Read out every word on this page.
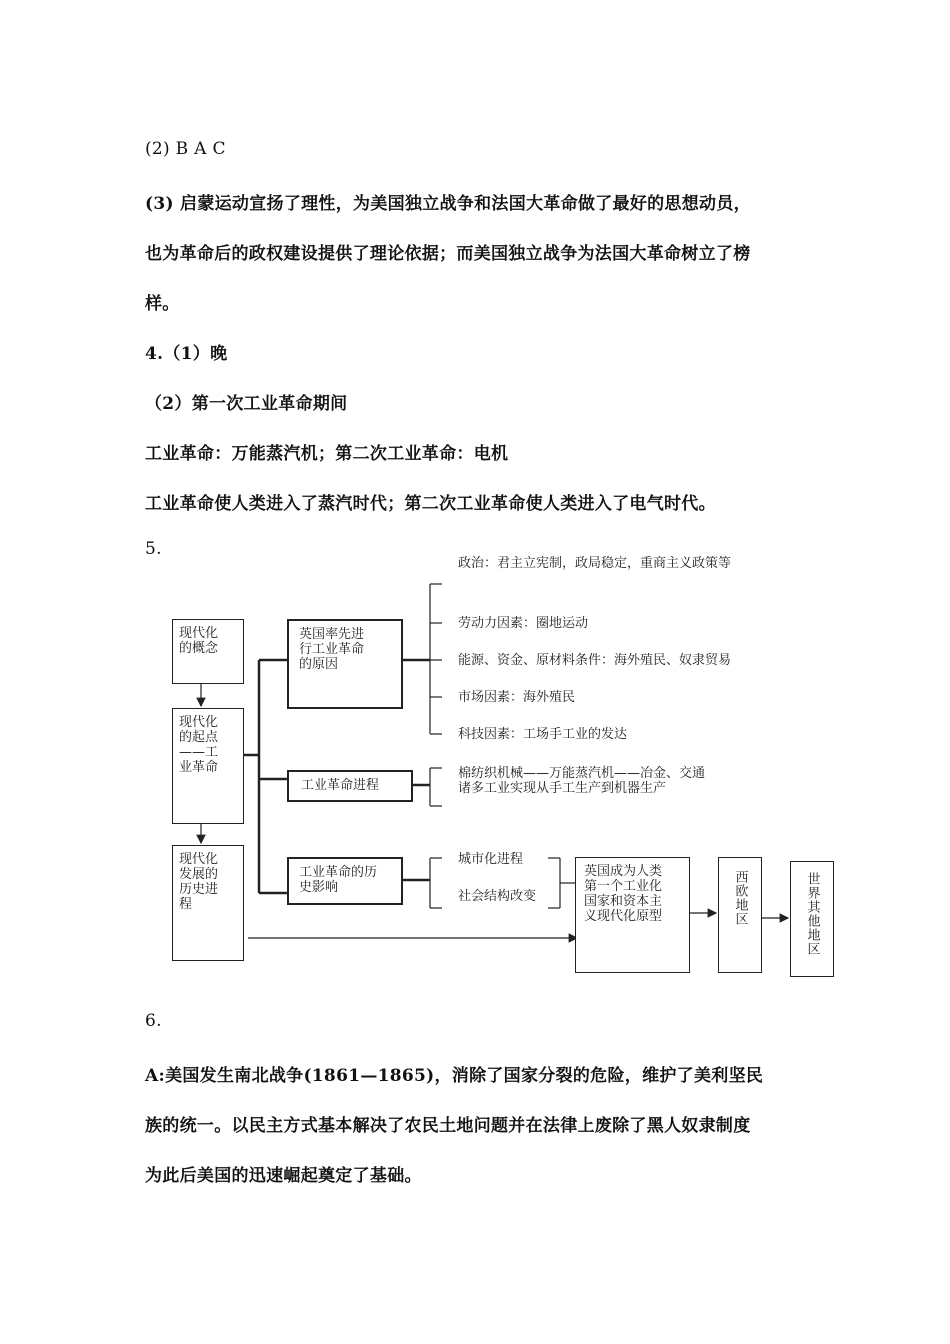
(2) B A C
(3) 启蒙运动宣扬了理性，为美国独立战争和法国大革命做了最好的思想动员，
也为革命后的政权建设提供了理论依据；而美国独立战争为法国大革命树立了榜
样。
4.（1）晚
（2）第一次工业革命期间
工业革命：万能蒸汽机；第二次工业革命：电机
工业革命使人类进入了蒸汽时代；第二次工业革命使人类进入了电气时代。
5.
现代化
的概念
现代化
的起点
——工
业革命
现代化
发展的
历史进
程
英国率先进
行工业革命
的原因
工业革命进程
工业革命的历
史影响
政治：君主立宪制，政局稳定，重商主义政策等
劳动力因素：圈地运动
能源、资金、原材料条件：海外殖民、奴隶贸易
市场因素：海外殖民
科技因素：工场手工业的发达
棉纺织机械——万能蒸汽机——冶金、交通
诸多工业实现从手工生产到机器生产
城市化进程
社会结构改变
英国成为人类
第一个工业化
国家和资本主
义现代化原型	西欧地区	世界其他地区
6.
A:美国发生南北战争(1861—1865)，消除了国家分裂的危险，维护了美利坚民
族的统一。以民主方式基本解决了农民土地问题并在法律上废除了黑人奴隶制度
为此后美国的迅速崛起奠定了基础。
